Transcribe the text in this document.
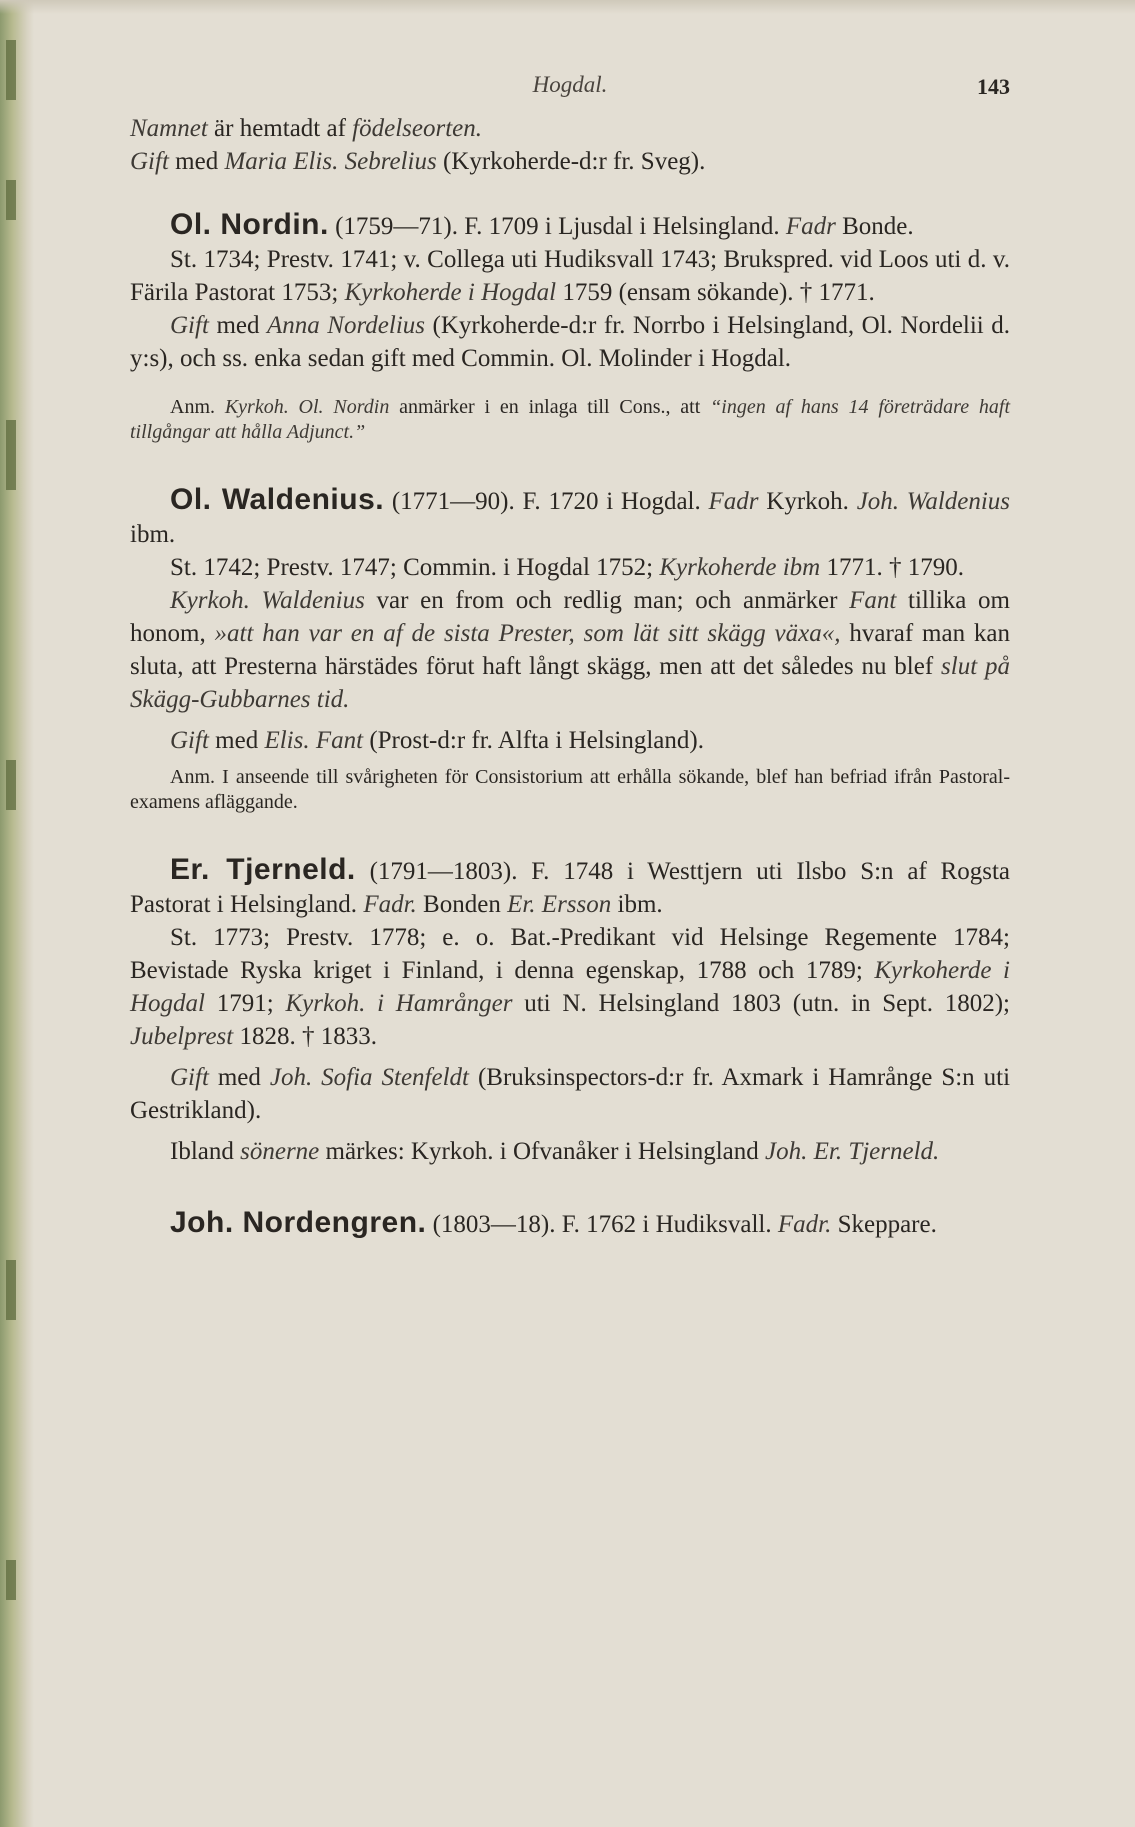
Hogdal.	143

Namnet är hemtadt af födelseorten.

Gift med Maria Elis. Sebrelius (Kyrkoherde-d:r fr. Sveg).

Ol. Nordin. (1759—71). F. 1709 i Ljusdal i Helsingland. Fadr Bonde.

St. 1734; Prestv. 1741; v. Collega uti Hudiksvall 1743; Brukspred. vid Loos uti d. v. Färila Pastorat 1753; Kyrkoherde i Hogdal 1759 (ensam sökande). † 1771.

Gift med Anna Nordelius (Kyrkoherde-d:r fr. Norrbo i Helsingland, Ol. Nordelii d. y:s), och ss. enka sedan gift med Commin. Ol. Molinder i Hogdal.

Anm. Kyrkoh. Ol. Nordin anmärker i en inlaga till Cons., att “ingen af hans 14 företrädare haft tillgångar att hålla Adjunct.”

Ol. Waldenius. (1771—90). F. 1720 i Hogdal. Fadr Kyrkoh. Joh. Waldenius ibm.

St. 1742; Prestv. 1747; Commin. i Hogdal 1752; Kyrkoherde ibm 1771. † 1790.

Kyrkoh. Waldenius var en from och redlig man; och anmärker Fant tillika om honom, »att han var en af de sista Prester, som lät sitt skägg växa«, hvaraf man kan sluta, att Presterna härstädes förut haft långt skägg, men att det således nu blef slut på Skägg-Gubbarnes tid.

Gift med Elis. Fant (Prost-d:r fr. Alfta i Helsingland).

Anm. I anseende till svårigheten för Consistorium att erhålla sökande, blef han befriad ifrån Pastoral-examens afläggande.

Er. Tjerneld. (1791—1803). F. 1748 i Westtjern uti Ilsbo S:n af Rogsta Pastorat i Helsingland. Fadr. Bonden Er. Ersson ibm.

St. 1773; Prestv. 1778; e. o. Bat.-Predikant vid Helsinge Regemente 1784; Bevistade Ryska kriget i Finland, i denna egenskap, 1788 och 1789; Kyrkoherde i Hogdal 1791; Kyrkoh. i Hamrånger uti N. Helsingland 1803 (utn. in Sept. 1802); Jubelprest 1828. † 1833.

Gift med Joh. Sofia Stenfeldt (Bruksinspectors-d:r fr. Axmark i Hamrånge S:n uti Gestrikland).

Ibland sönerne märkes: Kyrkoh. i Ofvanåker i Helsingland Joh. Er. Tjerneld.

Joh. Nordengren. (1803—18). F. 1762 i Hudiksvall. Fadr. Skeppare.
